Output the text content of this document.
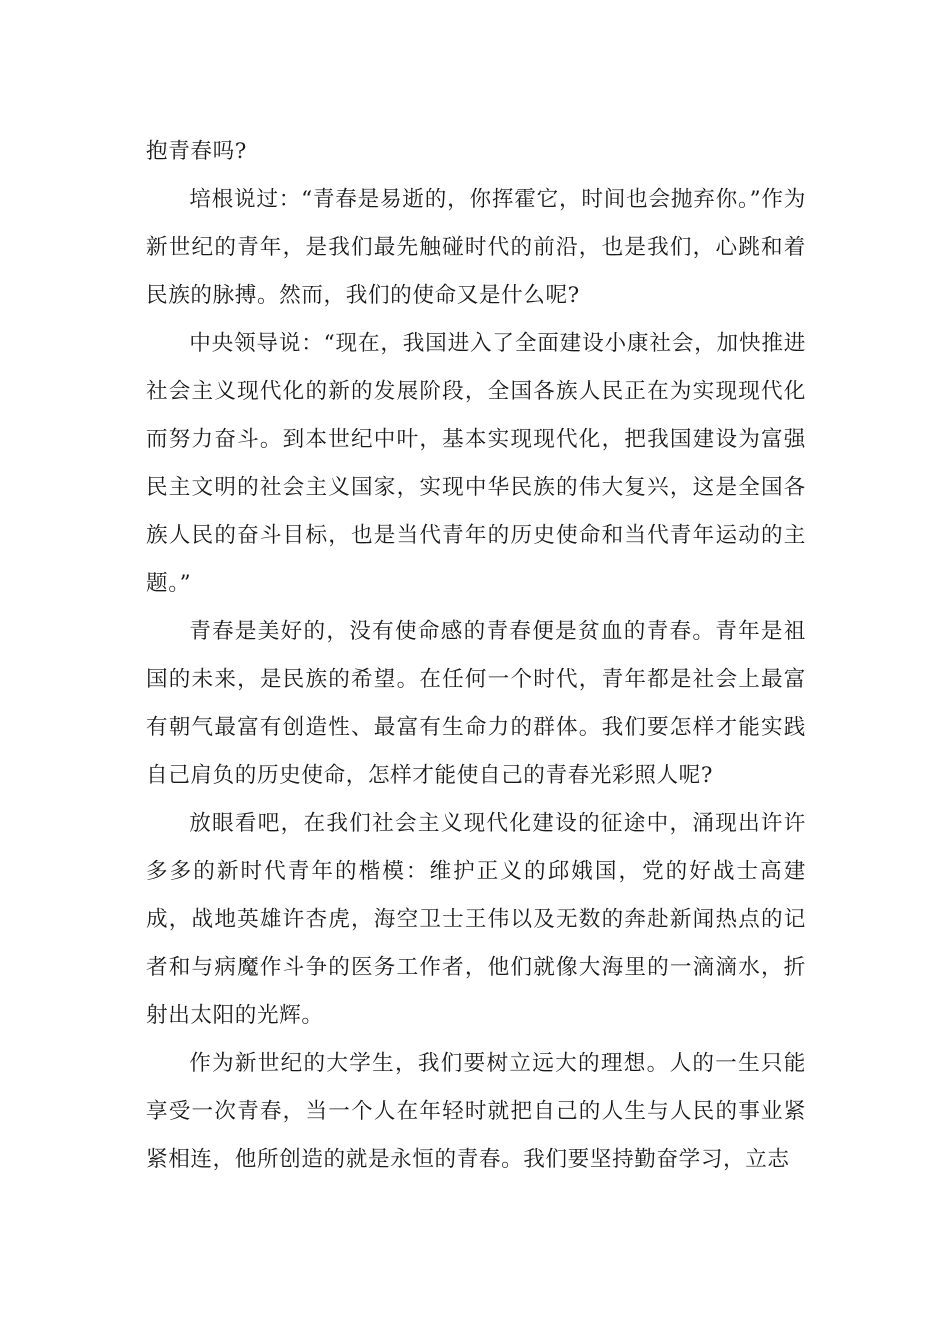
抱青春吗?

培根说过：“青春是易逝的，你挥霍它，时间也会抛弃你。”作为新世纪的青年，是我们最先触碰时代的前沿，也是我们，心跳和着民族的脉搏。然而，我们的使命又是什么呢?

中央领导说：“现在，我国进入了全面建设小康社会，加快推进社会主义现代化的新的发展阶段，全国各族人民正在为实现现代化而努力奋斗。到本世纪中叶，基本实现现代化，把我国建设为富强民主文明的社会主义国家，实现中华民族的伟大复兴，这是全国各族人民的奋斗目标，也是当代青年的历史使命和当代青年运动的主题。”

青春是美好的，没有使命感的青春便是贫血的青春。青年是祖国的未来，是民族的希望。在任何一个时代，青年都是社会上最富有朝气最富有创造性、最富有生命力的群体。我们要怎样才能实践自己肩负的历史使命，怎样才能使自己的青春光彩照人呢?

放眼看吧，在我们社会主义现代化建设的征途中，涌现出许许多多的新时代青年的楷模：维护正义的邱娥国，党的好战士高建成，战地英雄许杏虎，海空卫士王伟以及无数的奔赴新闻热点的记者和与病魔作斗争的医务工作者，他们就像大海里的一滴滴水，折射出太阳的光辉。

作为新世纪的大学生，我们要树立远大的理想。人的一生只能享受一次青春，当一个人在年轻时就把自己的人生与人民的事业紧紧相连，他所创造的就是永恒的青春。我们要坚持勤奋学习，立志
